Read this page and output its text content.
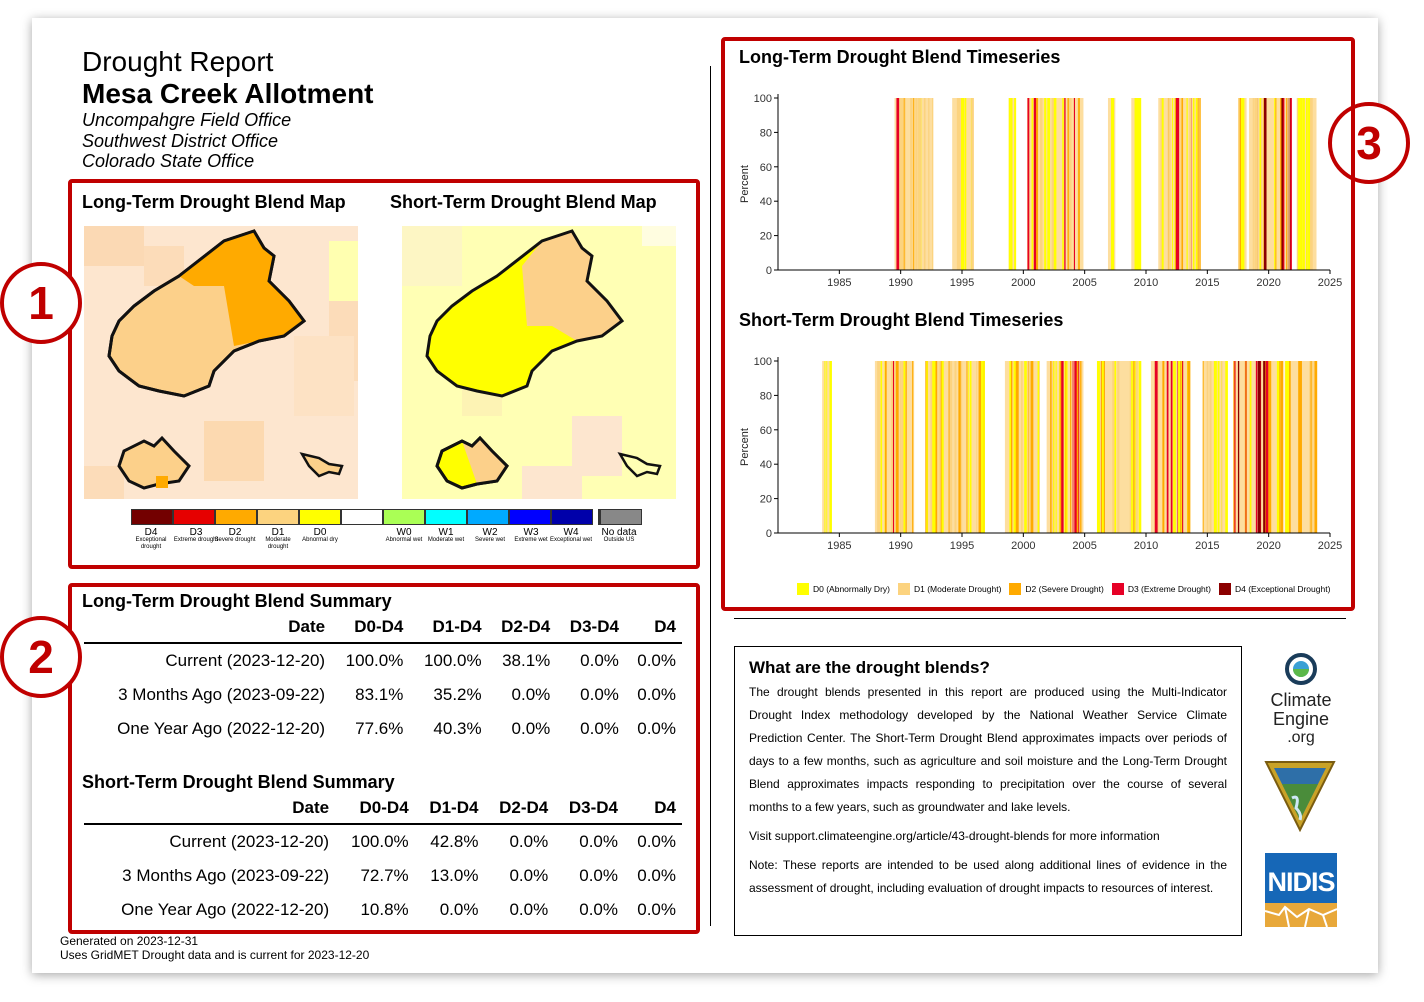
Drought Report
Mesa Creek Allotment
Uncompahgre Field Office
Southwest District Office
Colorado State Office
Long-Term Drought Blend Map Short-Term Drought Blend Map
D4
Exceptional drought
D3
Extreme drought
D2
Severe drought
D1
Moderate drought
D0
Abnormal dry
W0
Abnormal wet
W1
Moderate wet
W2
Severe wet
W3
Extreme wet
W4
Exceptional wet
No data
Outside US
Long-Term Drought Blend Summary
Date	D0-D4	D1-D4	D2-D4	D3-D4	D4
Current (2023-12-20)	100.0%	100.0%	38.1%	0.0%	0.0%
3 Months Ago (2023-09-22)	83.1%	35.2%	0.0%	0.0%	0.0%
One Year Ago (2022-12-20)	77.6%	40.3%	0.0%	0.0%	0.0%
Short-Term Drought Blend Summary
Date	D0-D4	D1-D4	D2-D4	D3-D4	D4
Current (2023-12-20)	100.0%	42.8%	0.0%	0.0%	0.0%
3 Months Ago (2023-09-22)	72.7%	13.0%	0.0%	0.0%	0.0%
One Year Ago (2022-12-20)	10.8%	0.0%	0.0%	0.0%	0.0%
Generated on 2023-12-31
Uses GridMET Drought data and is current for 2023-12-20
1
2
3
Long-Term Drought Blend Timeseries
Short-Term Drought Blend Timeseries
0
20
40
60
80
100
1985	1990	1995	2000	2005	2010	2015	2020	2025
Percent
0
20
40
60
80
100
1985	1990	1995	2000	2005	2010	2015	2020	2025
Percent
D0 (Abnormally Dry)	D1 (Moderate Drought)	D2 (Severe Drought)	D3 (Extreme Drought)	D4 (Exceptional Drought)
What are the drought blends?

The drought blends presented in this report are produced using the Multi-Indicator Drought Index methodology developed by the National Weather Service Climate Prediction Center. The Short-Term Drought Blend approximates impacts over periods of days to a few months, such as agriculture and soil moisture and the Long-Term Drought Blend approximates impacts responding to precipitation over the course of several months to a few years, such as groundwater and lake levels.

Visit support.climateengine.org/article/43-drought-blends for more information

Note: These reports are intended to be used along additional lines of evidence in the assessment of drought, including evaluation of drought impacts to resources of interest.

Climate
Engine
.org
NIDIS
